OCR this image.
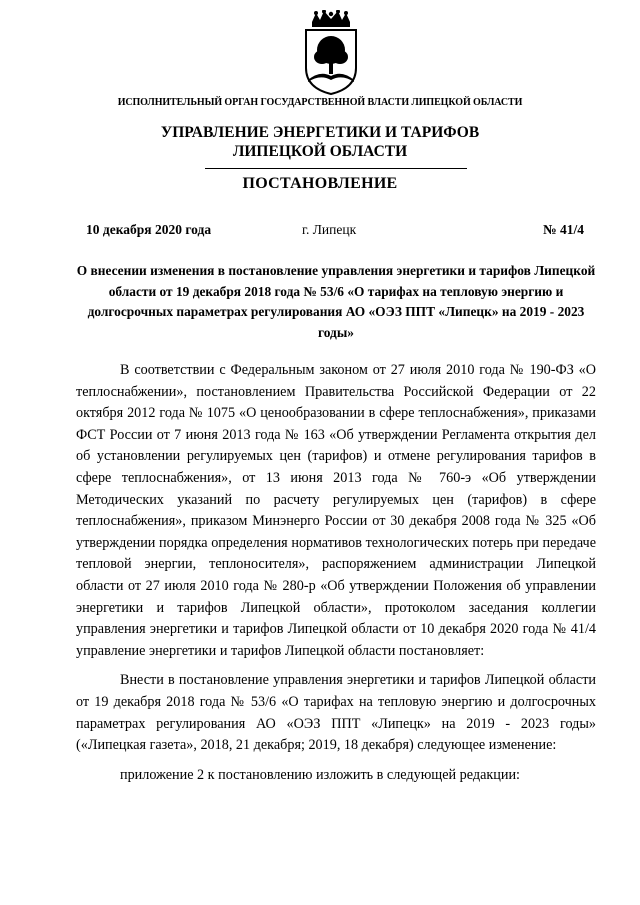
ИСПОЛНИТЕЛЬНЫЙ ОРГАН ГОСУДАРСТВЕННОЙ ВЛАСТИ ЛИПЕЦКОЙ ОБЛАСТИ
УПРАВЛЕНИЕ ЭНЕРГЕТИКИ И ТАРИФОВ
ЛИПЕЦКОЙ ОБЛАСТИ
ПОСТАНОВЛЕНИЕ
10 декабря 2020 года	г. Липецк	№ 41/4
О внесении изменения в постановление управления энергетики и тарифов Липецкой области от 19 декабря 2018 года № 53/6 «О тарифах на тепловую энергию и долгосрочных параметрах регулирования АО «ОЭЗ ППТ «Липецк» на 2019 - 2023 годы»

В соответствии с Федеральным законом от 27 июля 2010 года № 190-ФЗ «О теплоснабжении», постановлением Правительства Российской Федерации от 22 октября 2012 года № 1075 «О ценообразовании в сфере теплоснабжения», приказами ФСТ России от 7 июня 2013 года № 163 «Об утверждении Регламента открытия дел об установлении регулируемых цен (тарифов) и отмене регулирования тарифов в сфере теплоснабжения», от 13 июня 2013 года № 760-э «Об утверждении Методических указаний по расчету регулируемых цен (тарифов) в сфере теплоснабжения», приказом Минэнерго России от 30 декабря 2008 года № 325 «Об утверждении порядка определения нормативов технологических потерь при передаче тепловой энергии, теплоносителя», распоряжением администрации Липецкой области от 27 июля 2010 года № 280-р «Об утверждении Положения об управлении энергетики и тарифов Липецкой области», протоколом заседания коллегии управления энергетики и тарифов Липецкой области от 10 декабря 2020 года № 41/4 управление энергетики и тарифов Липецкой области постановляет:

Внести в постановление управления энергетики и тарифов Липецкой области от 19 декабря 2018 года № 53/6 «О тарифах на тепловую энергию и долгосрочных параметрах регулирования АО «ОЭЗ ППТ «Липецк» на 2019 - 2023 годы» («Липецкая газета», 2018, 21 декабря; 2019, 18 декабря) следующее изменение:

приложение 2 к постановлению изложить в следующей редакции:
